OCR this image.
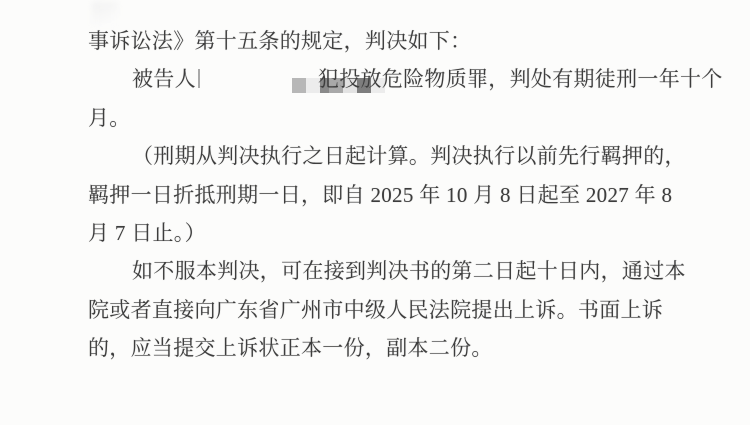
事诉讼法》第十五条的规定，判决如下：
被告人	犯投放危险物质罪，判处有期徒刑一年十个
月。
（刑期从判决执行之日起计算。判决执行以前先行羁押的，
羁押一日折抵刑期一日，即自 2025 年 10 月 8 日起至 2027 年 8
月 7 日止。）
如不服本判决，可在接到判决书的第二日起十日内，通过本
院或者直接向广东省广州市中级人民法院提出上诉。书面上诉
的，应当提交上诉状正本一份，副本二份。
